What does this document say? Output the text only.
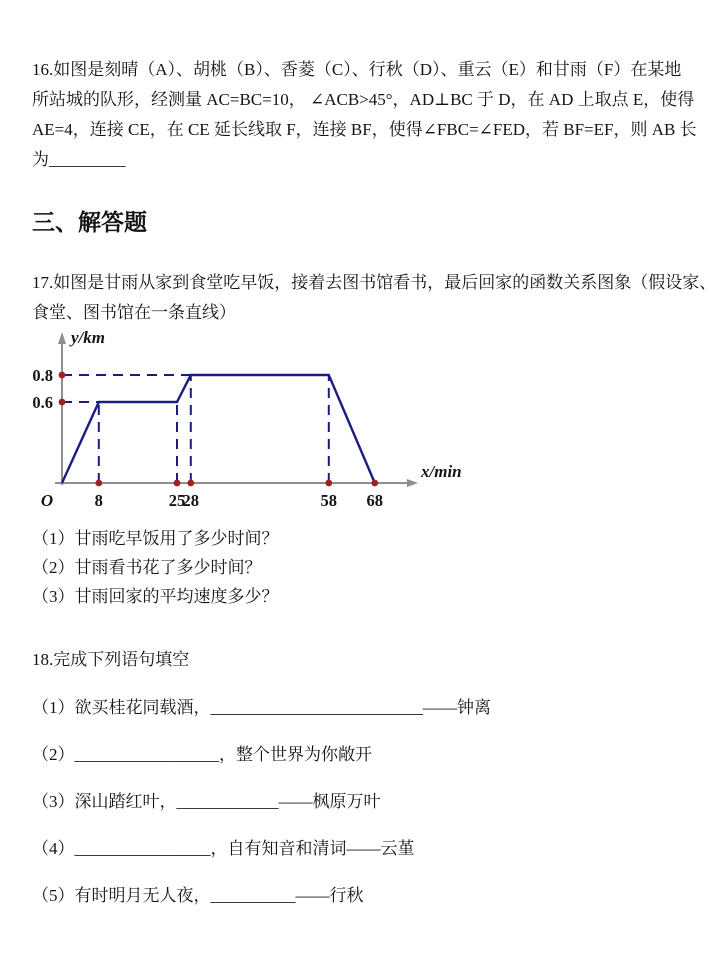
16.如图是刻晴（A）、胡桃（B）、香菱（C）、行秋（D）、重云（E）和甘雨（F）在某地

所站城的队形，经测量 AC=BC=10， ∠ACB>45°，AD⊥BC 于 D，在 AD 上取点 E，使得

AE=4，连接 CE，在 CE 延长线取 F，连接 BF，使得∠FBC=∠FED，若 BF=EF，则 AB 长

为_________

三、解答题

17.如图是甘雨从家到食堂吃早饭，接着去图书馆看书，最后回家的函数关系图象（假设家、

食堂、图书馆在一条直线）

8	25
28	58 68
0.6
0.8
O
y/km
x/min

（1）甘雨吃早饭用了多少时间？

（2）甘雨看书花了多少时间？

（3）甘雨回家的平均速度多少？

18.完成下列语句填空

（1）欲买桂花同载酒，_________________________——钟离

（2）_________________，整个世界为你敞开

（3）深山踏红叶，____________——枫原万叶

（4）________________，自有知音和清词——云堇

（5）有时明月无人夜，__________——行秋
